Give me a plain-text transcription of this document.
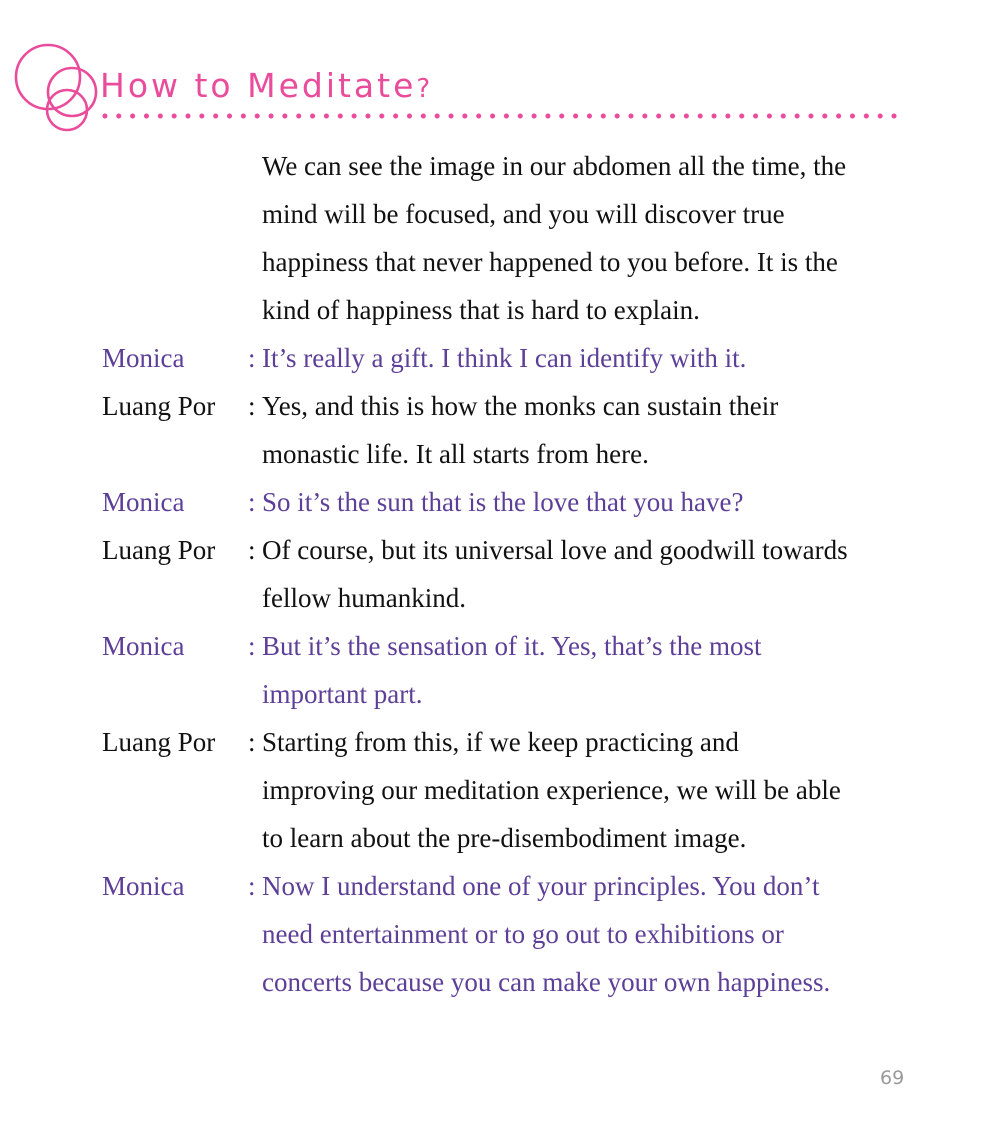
How to Meditate?
We can see the image in our abdomen all the time, the
mind will be focused, and you will discover true
happiness that never happened to you before. It is the
kind of happiness that is hard to explain.
Monica	: It’s really a gift. I think I can identify with it.
Luang Por	: Yes, and this is how the monks can sustain their
monastic life. It all starts from here.
Monica	: So it’s the sun that is the love that you have?
Luang Por	: Of course, but its universal love and goodwill towards
fellow humankind.
Monica	: But it’s the sensation of it. Yes, that’s the most
important part.
Luang Por	: Starting from this, if we keep practicing and
improving our meditation experience, we will be able
to learn about the pre-disembodiment image.
Monica	: Now I understand one of your principles. You don’t
need entertainment or to go out to exhibitions or
concerts because you can make your own happiness.
69
